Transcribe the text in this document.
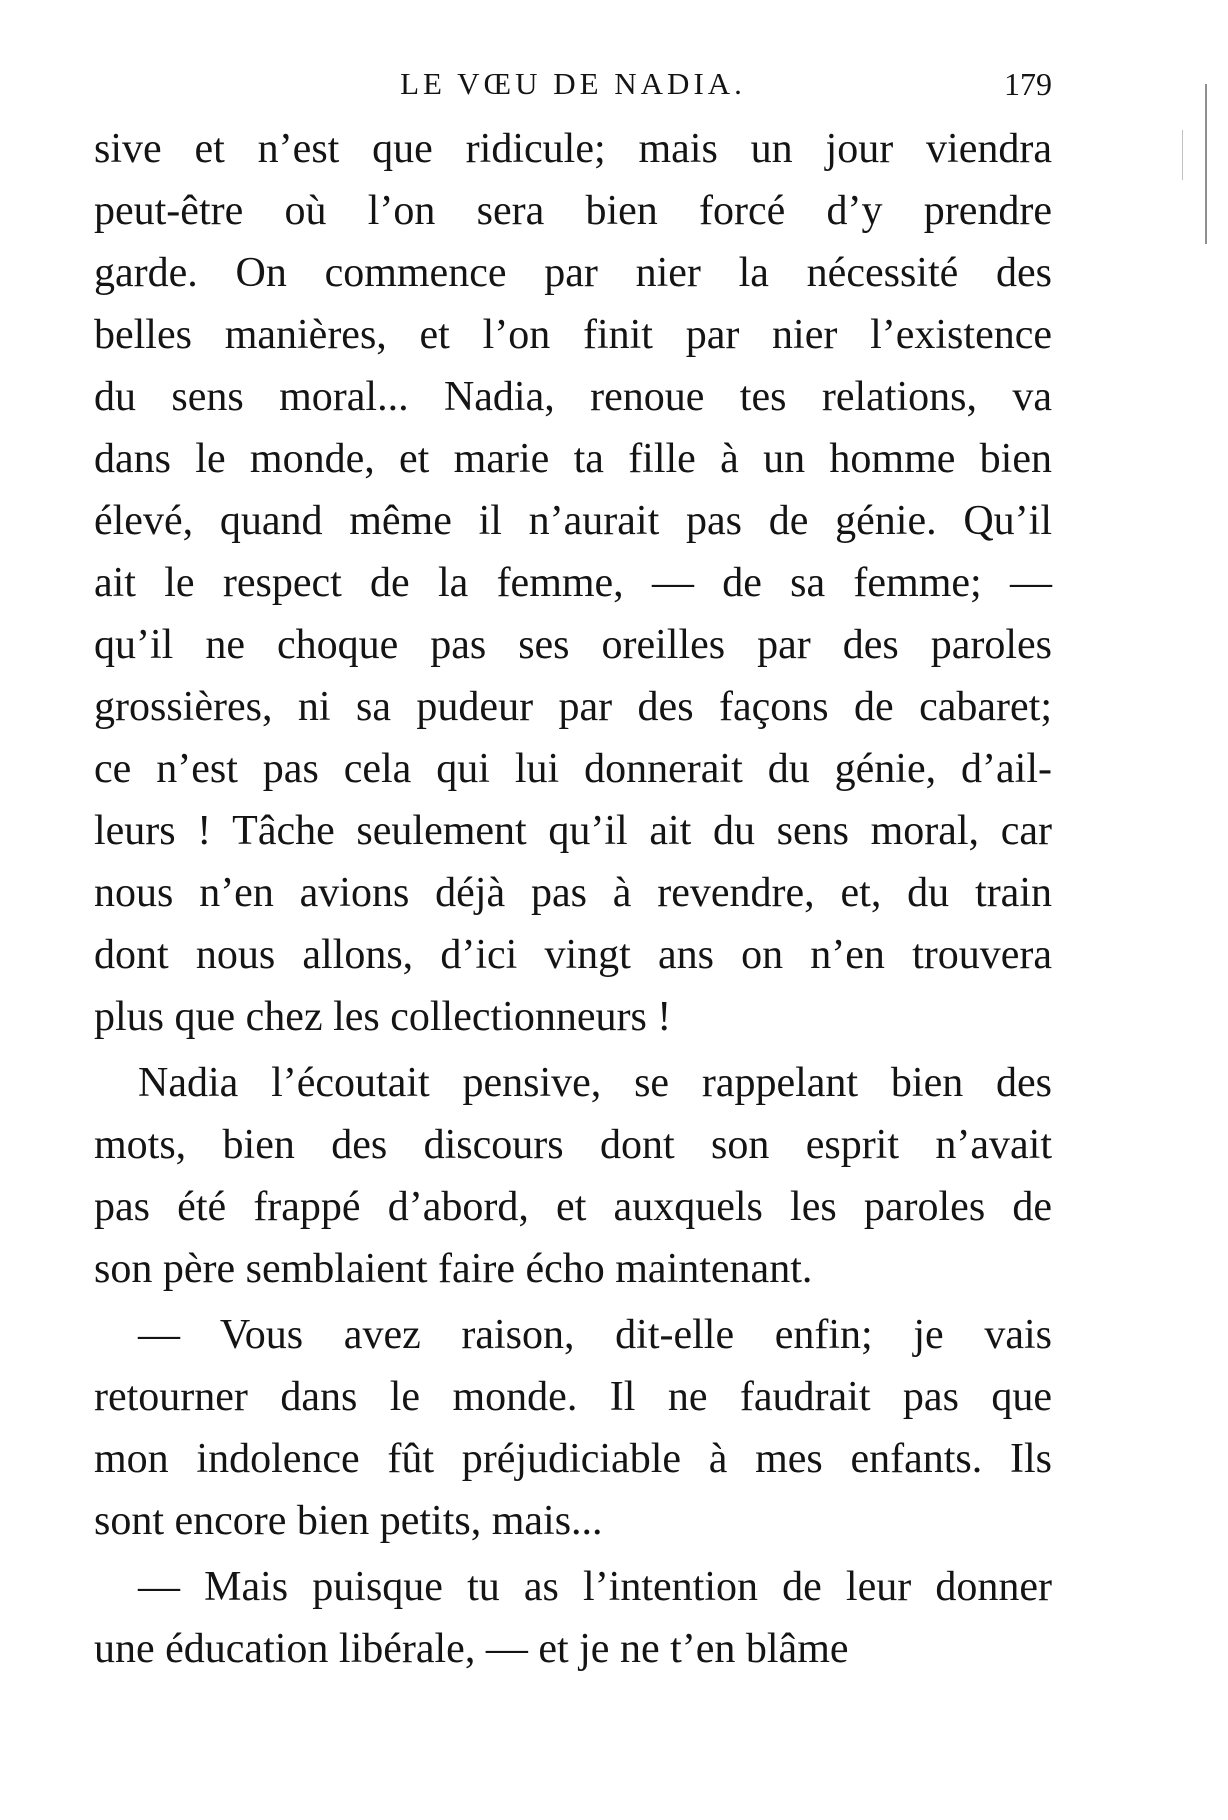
LE VŒU DE NADIA.	179
sive et n’est que ridicule; mais un jour viendra
peut-être où l’on sera bien forcé d’y prendre
garde. On commence par nier la nécessité des
belles manières, et l’on finit par nier l’existence
du sens moral... Nadia, renoue tes relations, va
dans le monde, et marie ta fille à un homme bien
élevé, quand même il n’aurait pas de génie. Qu’il
ait le respect de la femme, — de sa femme; —
qu’il ne choque pas ses oreilles par des paroles
grossières, ni sa pudeur par des façons de cabaret;
ce n’est pas cela qui lui donnerait du génie, d’ail-
leurs ! Tâche seulement qu’il ait du sens moral, car
nous n’en avions déjà pas à revendre, et, du train
dont nous allons, d’ici vingt ans on n’en trouvera
plus que chez les collectionneurs !
Nadia l’écoutait pensive, se rappelant bien des
mots, bien des discours dont son esprit n’avait
pas été frappé d’abord, et auxquels les paroles de
son père semblaient faire écho maintenant.
— Vous avez raison, dit-elle enfin; je vais
retourner dans le monde. Il ne faudrait pas que
mon indolence fût préjudiciable à mes enfants. Ils
sont encore bien petits, mais...
— Mais puisque tu as l’intention de leur donner
une éducation libérale, — et je ne t’en blâme
